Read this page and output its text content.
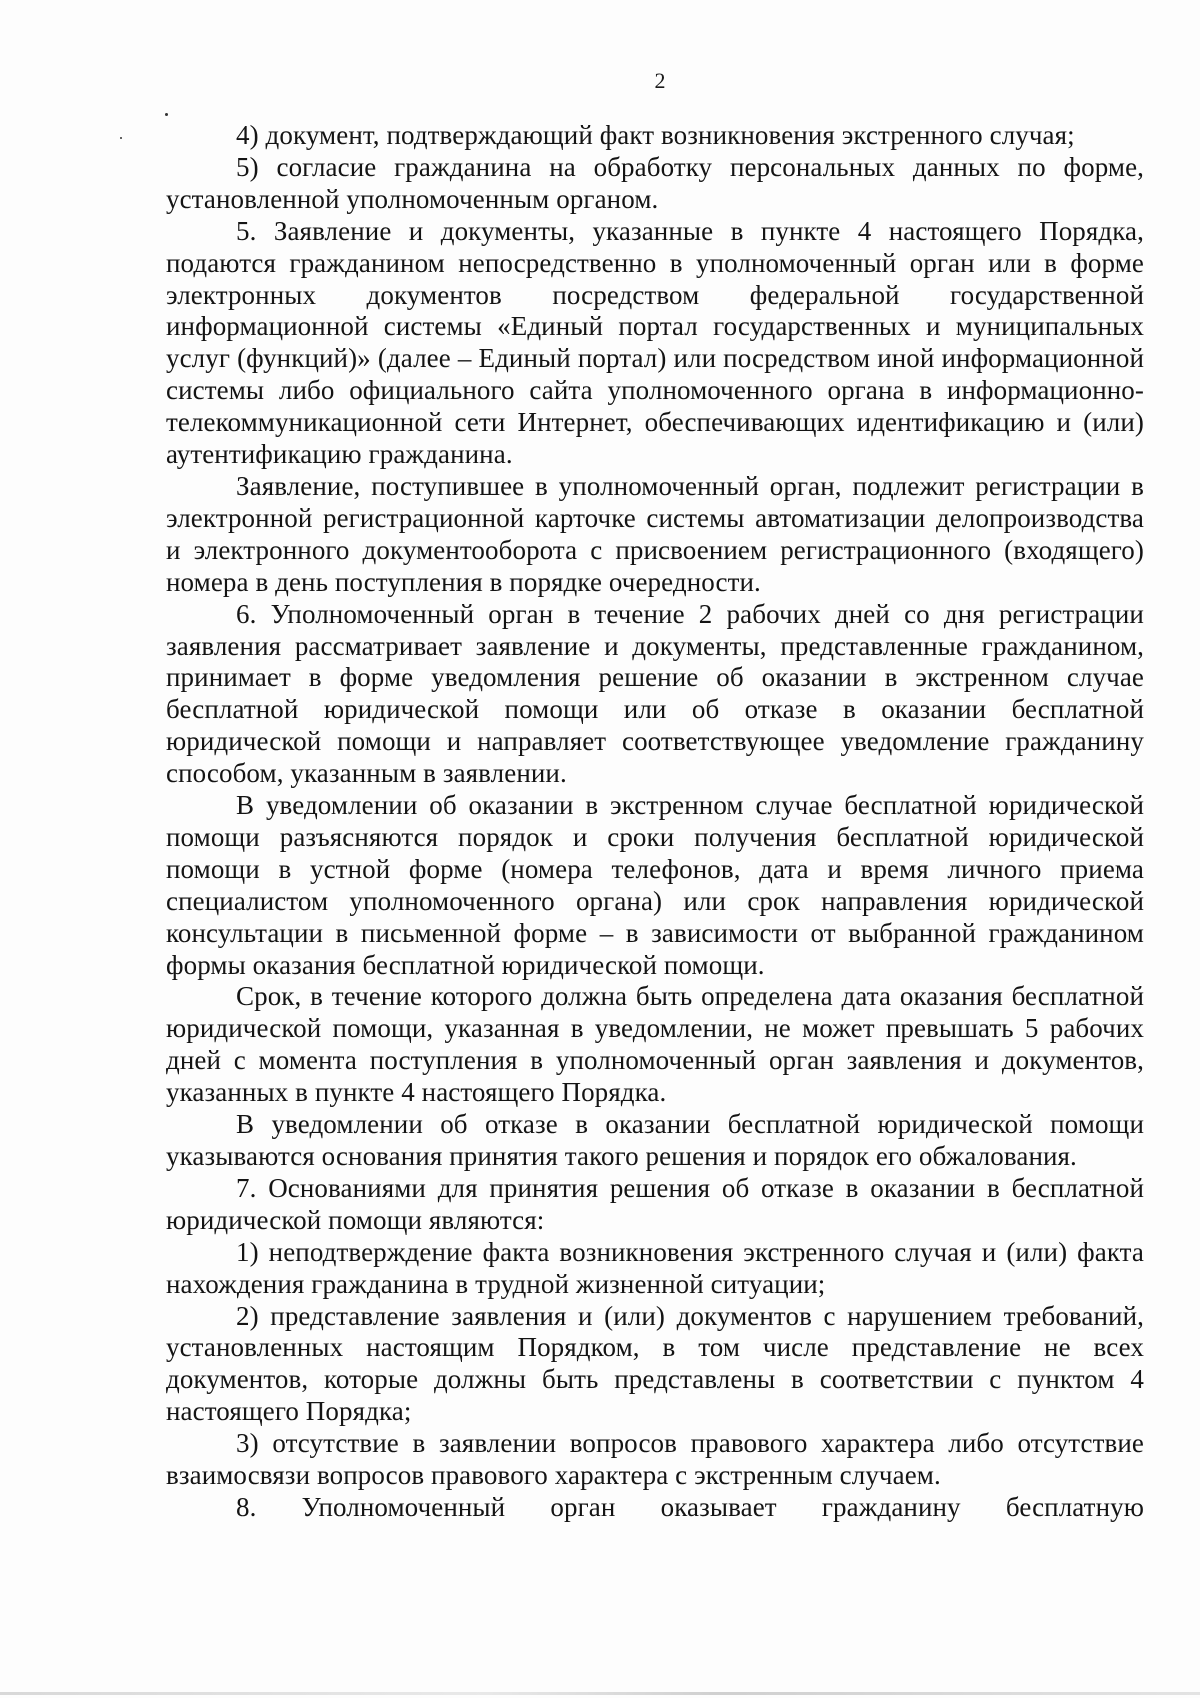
2

4) документ, подтверждающий факт возникновения экстренного случая;

5) согласие гражданина на обработку персональных данных по форме, установленной уполномоченным органом.

5. Заявление и документы, указанные в пункте 4 настоящего Порядка, подаются гражданином непосредственно в уполномоченный орган или в форме электронных документов посредством федеральной государственной информационной системы «Единый портал государственных и муниципальных услуг (функций)» (далее – Единый портал) или посредством иной информационной системы либо официального сайта уполномоченного органа в информационно-телекоммуникационной сети Интернет, обеспечивающих идентификацию и (или) аутентификацию гражданина.

Заявление, поступившее в уполномоченный орган, подлежит регистрации в электронной регистрационной карточке системы автоматизации делопроизводства и электронного документооборота с присвоением регистрационного (входящего) номера в день поступления в порядке очередности.

6. Уполномоченный орган в течение 2 рабочих дней со дня регистрации заявления рассматривает заявление и документы, представленные гражданином, принимает в форме уведомления решение об оказании в экстренном случае бесплатной юридической помощи или об отказе в оказании бесплатной юридической помощи и направляет соответствующее уведомление гражданину способом, указанным в заявлении.

В уведомлении об оказании в экстренном случае бесплатной юридической помощи разъясняются порядок и сроки получения бесплатной юридической помощи в устной форме (номера телефонов, дата и время личного приема специалистом уполномоченного органа) или срок направления юридической консультации в письменной форме – в зависимости от выбранной гражданином формы оказания бесплатной юридической помощи.

Срок, в течение которого должна быть определена дата оказания бесплатной юридической помощи, указанная в уведомлении, не может превышать 5 рабочих дней с момента поступления в уполномоченный орган заявления и документов, указанных в пункте 4 настоящего Порядка.

В уведомлении об отказе в оказании бесплатной юридической помощи указываются основания принятия такого решения и порядок его обжалования.

7. Основаниями для принятия решения об отказе в оказании в бесплатной юридической помощи являются:

1) неподтверждение факта возникновения экстренного случая и (или) факта нахождения гражданина в трудной жизненной ситуации;

2) представление заявления и (или) документов с нарушением требований, установленных настоящим Порядком, в том числе представление не всех документов, которые должны быть представлены в соответствии с пунктом 4 настоящего Порядка;

3) отсутствие в заявлении вопросов правового характера либо отсутствие взаимосвязи вопросов правового характера с экстренным случаем.

8. Уполномоченный орган оказывает гражданину бесплатную
